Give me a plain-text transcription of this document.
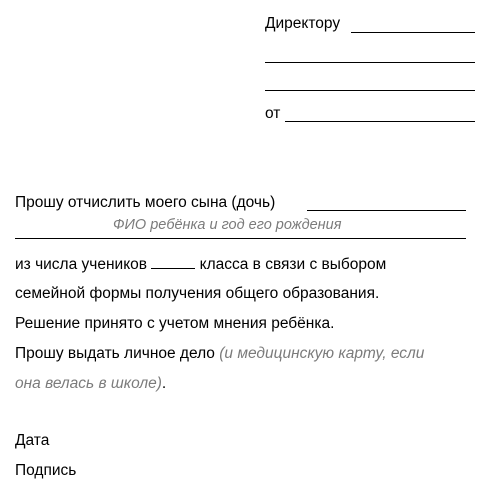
Директору
от
Прошу отчислить моего сына (дочь)
ФИО ребёнка и год его рождения
из числа учеников	класса в связи с выбором
семейной формы получения общего образования.
Решение принято с учетом мнения ребёнка.
Прошу выдать личное дело (и медицинскую карту, если
она велась в школе).
Дата
Подпись
